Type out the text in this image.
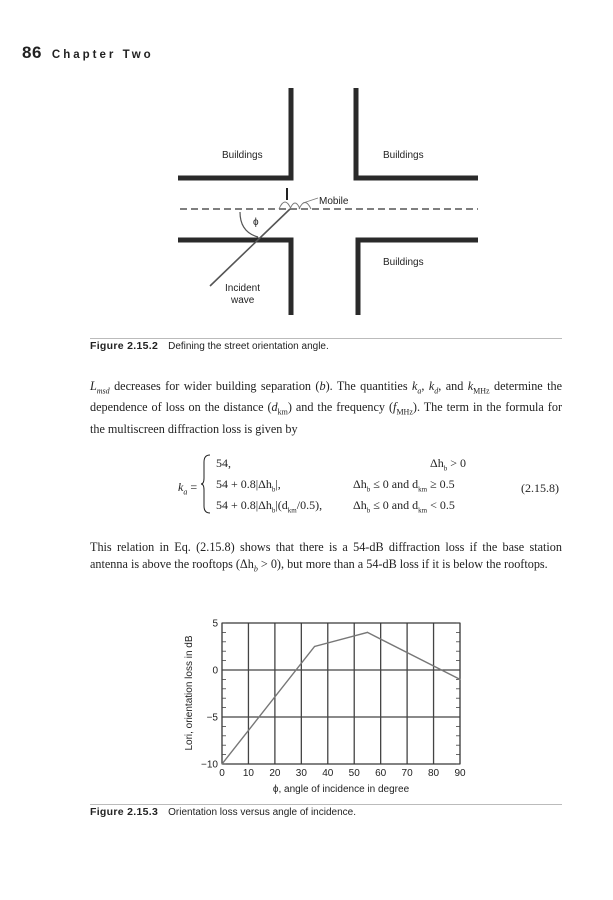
86 Chapter Two
Buildings	Buildings
Buildings
Mobile
ϕ
Incident
wave
Figure 2.15.2 Defining the street orientation angle.
$L_{msd}$ decreases for wider building separation (b). The quantities $k_a$, $k_d$, and $k_{MHz}$ determine the dependence of loss on the distance $(d_{km})$ and the frequency $(f_{MHz})$. The term in the formula for the multiscreen diffraction loss is given by
$k_a$ =
54,
$54 + 0.8|\Delta h_b|$,
$54 + 0.8|\Delta h_b|(d_{km}/0.5)$,
$\Delta h_b > 0$
$\Delta h_b \le 0$ and $d_{km} \ge 0.5$
$\Delta h_b \le 0$ and $d_{km} < 0.5$
(2.15.8)
This relation in Eq. (2.15.8) shows that there is a 54-dB diffraction loss if the base station antenna is above the rooftops $(\Delta h_b > 0)$, but more than a 54-dB loss if it is below the rooftops.
−10
−5
0
5
0 10 20 30 40 50 60 70 80 90
ϕ, angle of incidence in degree
Lori, orientation loss in dB
Figure 2.15.3 Orientation loss versus angle of incidence.
